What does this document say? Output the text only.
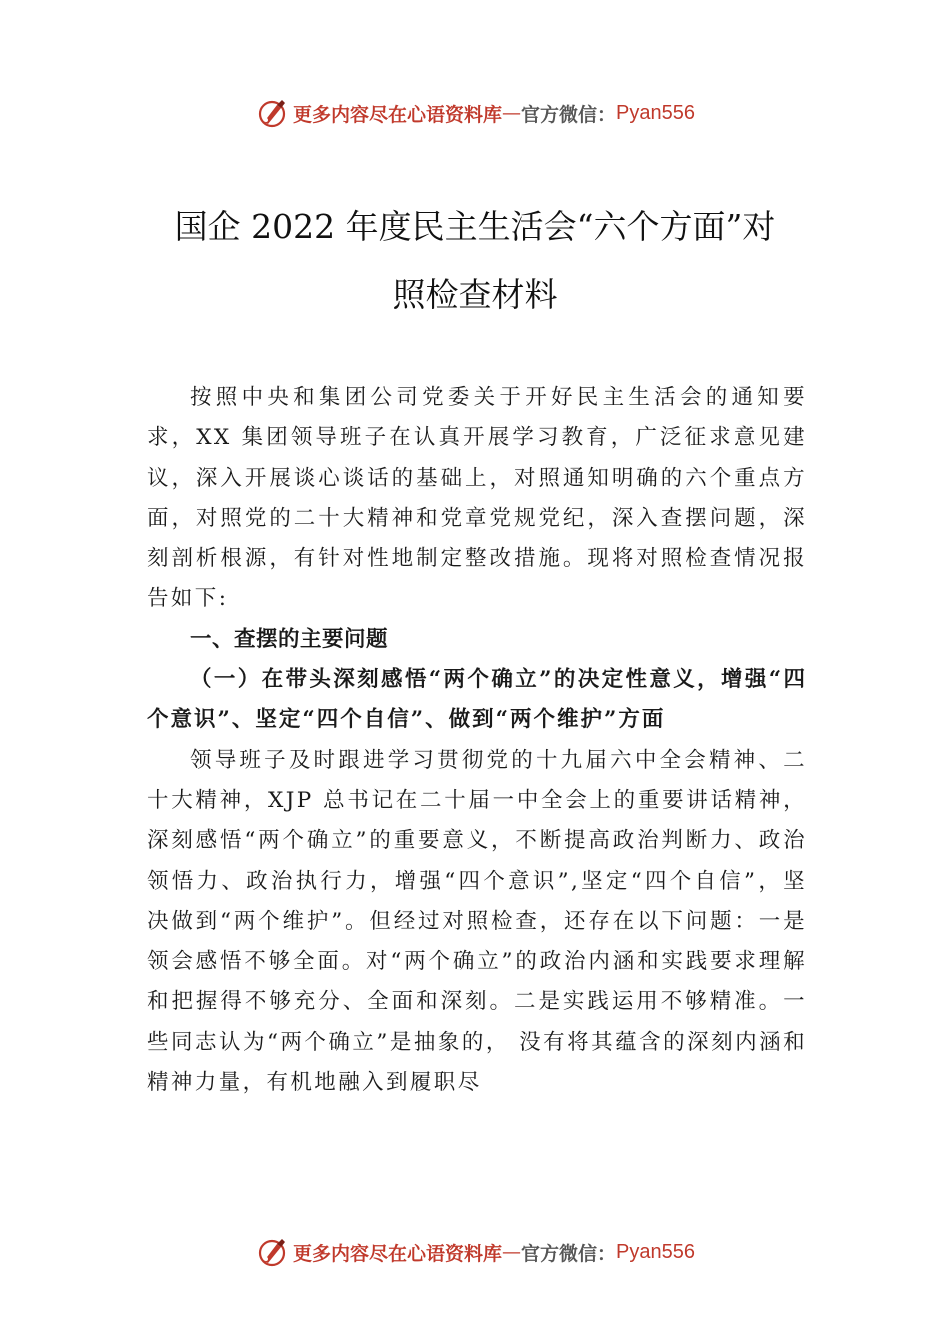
更多内容尽在心语资料库 — 官方微信： Pyan556
国企 2022 年度民主生活会“六个方面”对
照检查材料

按照中央和集团公司党委关于开好民主生活会的通知要求，XX 集团领导班子在认真开展学习教育，广泛征求意见建议，深入开展谈心谈话的基础上，对照通知明确的六个重点方面，对照党的二十大精神和党章党规党纪，深入查摆问题，深刻剖析根源，有针对性地制定整改措施。现将对照检查情况报告如下:

一、查摆的主要问题

（一）在带头深刻感悟“两个确立”的决定性意义，增强“四个意识”、坚定“四个自信”、做到“两个维护”方面

领导班子及时跟进学习贯彻党的十九届六中全会精神、二十大精神，XJP 总书记在二十届一中全会上的重要讲话精神，深刻感悟“两个确立”的重要意义，不断提高政治判断力、政治领悟力、政治执行力，增强“四个意识”,坚定“四个自信”，坚决做到“两个维护”。但经过对照检查，还存在以下问题：一是领会感悟不够全面。对“两个确立”的政治内涵和实践要求理解和把握得不够充分、全面和深刻。二是实践运用不够精准。一些同志认为“两个确立”是抽象的， 没有将其蕴含的深刻内涵和精神力量，有机地融入到履职尽

更多内容尽在心语资料库 — 官方微信： Pyan556
